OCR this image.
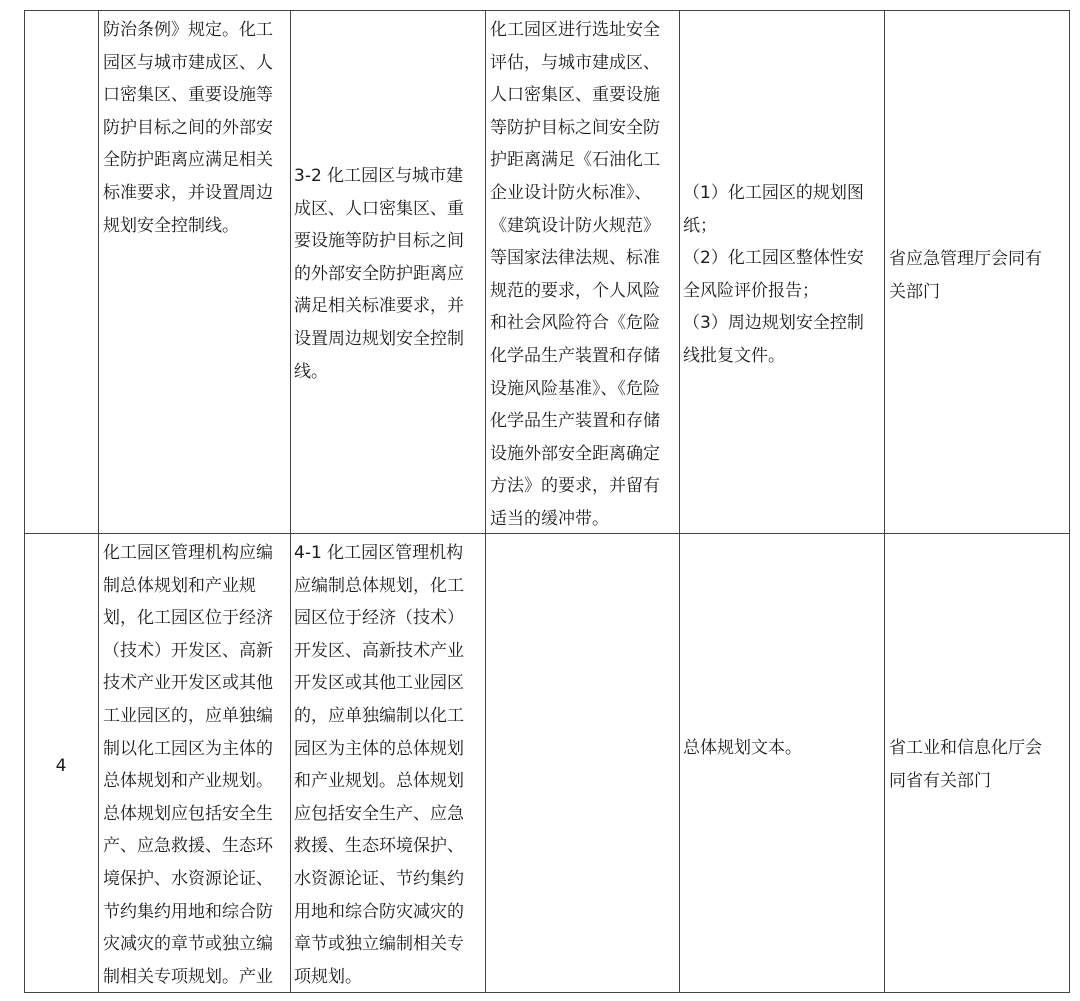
防治条例》规定。化工
园区与城市建成区、人
口密集区、重要设施等
防护目标之间的外部安
全防护距离应满足相关
标准要求，并设置周边
规划安全控制线。
3-2 化工园区与城市建
成区、人口密集区、重
要设施等防护目标之间
的外部安全防护距离应
满足相关标准要求，并
设置周边规划安全控制
线。
化工园区进行选址安全
评估，与城市建成区、
人口密集区、重要设施
等防护目标之间安全防
护距离满足《石油化工
企业设计防火标准》、
《建筑设计防火规范》
等国家法律法规、标准
规范的要求，个人风险
和社会风险符合《危险
化学品生产装置和存储
设施风险基准》、《危险
化学品生产装置和存储
设施外部安全距离确定
方法》的要求，并留有
适当的缓冲带。
（1）化工园区的规划图
纸；
（2）化工园区整体性安
全风险评价报告；
（3）周边规划安全控制
线批复文件。
省应急管理厅会同有
关部门
4
化工园区管理机构应编
制总体规划和产业规
划，化工园区位于经济
（技术）开发区、高新
技术产业开发区或其他
工业园区的，应单独编
制以化工园区为主体的
总体规划和产业规划。
总体规划应包括安全生
产、应急救援、生态环
境保护、水资源论证、
节约集约用地和综合防
灾减灾的章节或独立编
制相关专项规划。产业
4-1 化工园区管理机构
应编制总体规划，化工
园区位于经济（技术）
开发区、高新技术产业
开发区或其他工业园区
的，应单独编制以化工
园区为主体的总体规划
和产业规划。总体规划
应包括安全生产、应急
救援、生态环境保护、
水资源论证、节约集约
用地和综合防灾减灾的
章节或独立编制相关专
项规划。
总体规划文本。	省工业和信息化厅会
同省有关部门
